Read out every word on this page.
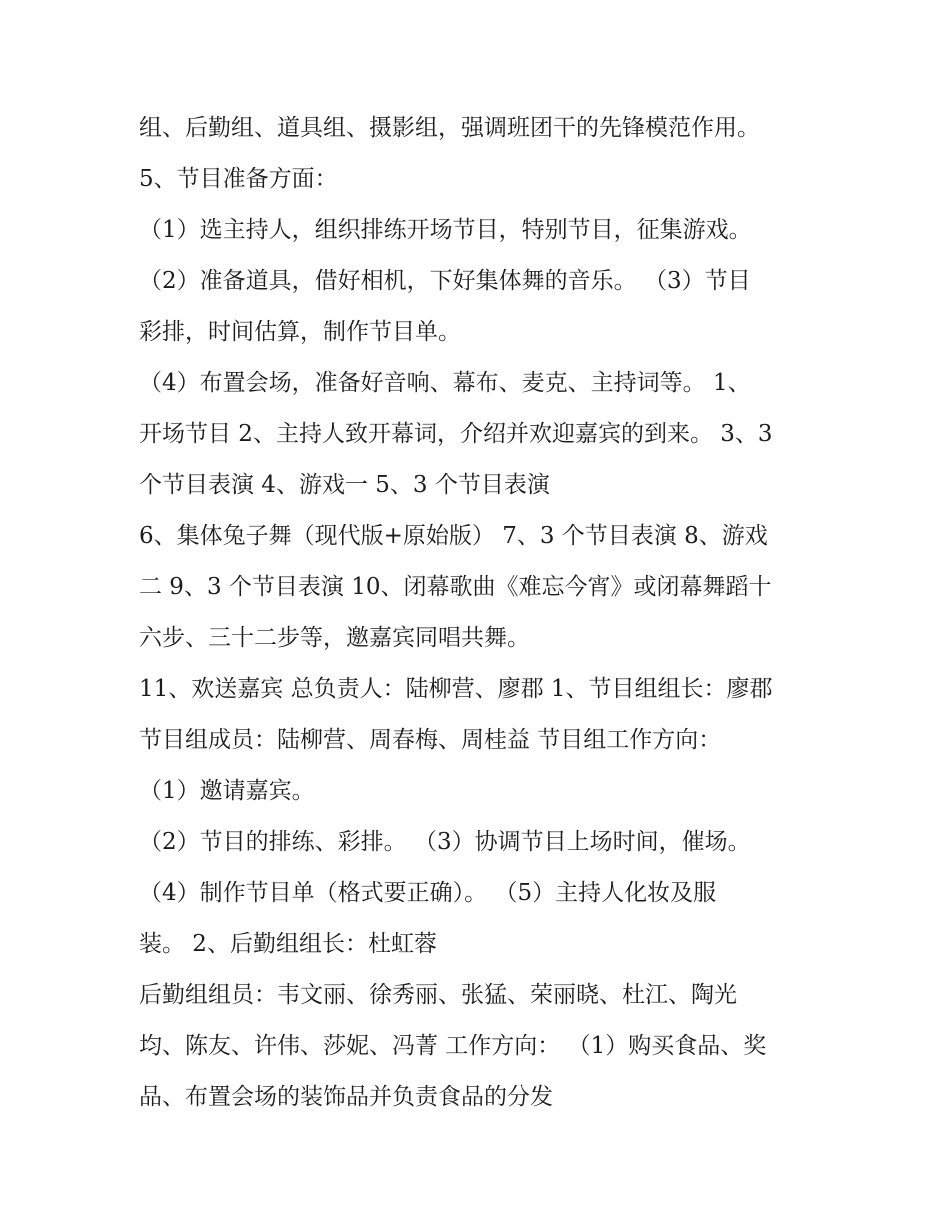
组、后勤组、道具组、摄影组，强调班团干的先锋模范作用。
5、节目准备方面：
（1）选主持人，组织排练开场节目，特别节目，征集游戏。
（2）准备道具，借好相机，下好集体舞的音乐。 （3）节目
彩排，时间估算，制作节目单。
（4）布置会场，准备好音响、幕布、麦克、主持词等。 1、
开场节目 2、主持人致开幕词，介绍并欢迎嘉宾的到来。 3、3
个节目表演 4、游戏一 5、3 个节目表演
6、集体兔子舞（现代版+原始版） 7、3 个节目表演 8、游戏
二 9、3 个节目表演 10、闭幕歌曲《难忘今宵》或闭幕舞蹈十
六步、三十二步等，邀嘉宾同唱共舞。
11、欢送嘉宾 总负责人：陆柳营、廖郡 1、节目组组长：廖郡
节目组成员：陆柳营、周春梅、周桂益 节目组工作方向：
（1）邀请嘉宾。
（2）节目的排练、彩排。 （3）协调节目上场时间，催场。
（4）制作节目单（格式要正确）。 （5）主持人化妆及服
装。 2、后勤组组长：杜虹蓉
后勤组组员：韦文丽、徐秀丽、张猛、荣丽晓、杜江、陶光
均、陈友、许伟、莎妮、冯菁 工作方向： （1）购买食品、奖
品、布置会场的装饰品并负责食品的分发
